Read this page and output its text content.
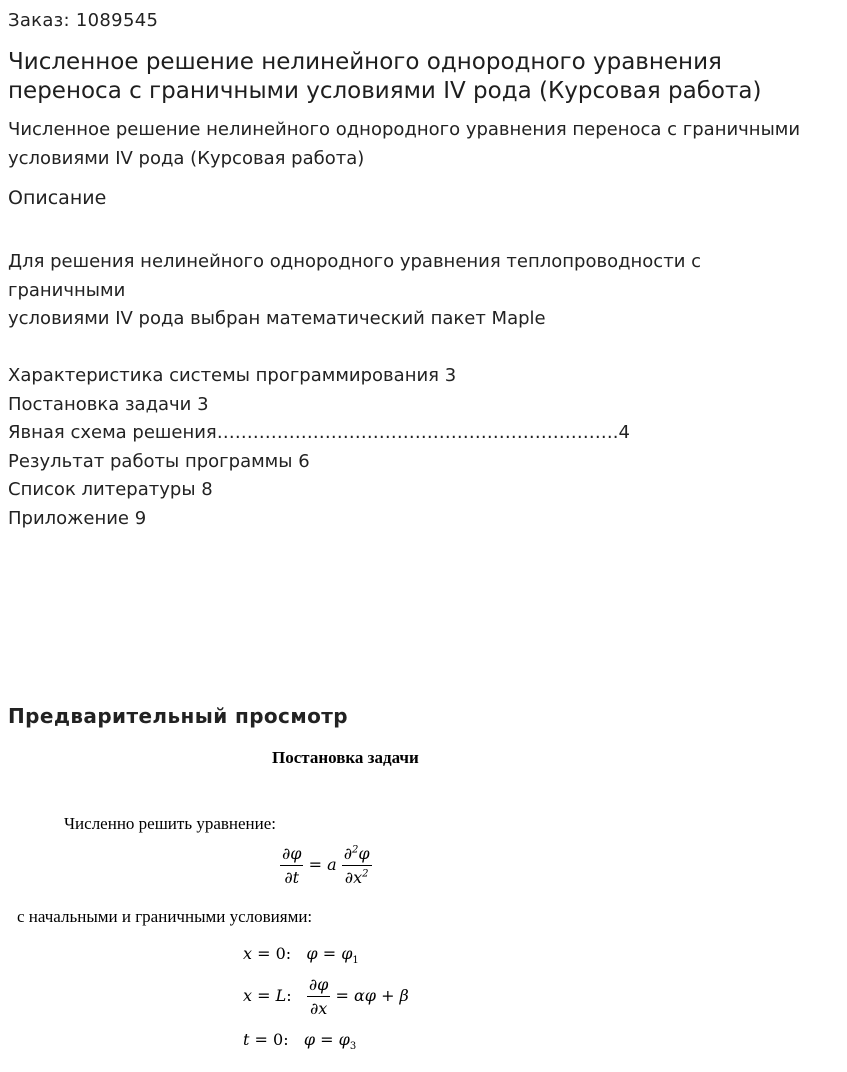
Заказ: 1089545
Численное решение нелинейного однородного уравнения переноса с граничными условиями IV рода (Курсовая работа)
Численное решение нелинейного однородного уравнения переноса с граничными условиями IV рода (Курсовая работа)
Описание
Для решения нелинейного однородного уравнения теплопроводности с
граничными
условиями IV рода выбран математический пакет Maple
Характеристика системы программирования 3
Постановка задачи 3
Явная схема решения………………………………………………………….4
Результат работы программы 6
Список литературы 8
Приложение 9
Предварительный просмотр
Постановка задачи
Численно решить уравнение:
$\frac{\partial\varphi}{\partial t} = a \frac{\partial^2\varphi}{\partial x^2}$
с начальными и граничными условиями:
x = 0:   $\varphi = \varphi_1$
x = L: $\frac{\partial\varphi}{\partial x} = \alpha\varphi + \beta$
t = 0:   $\varphi = \varphi_3$
